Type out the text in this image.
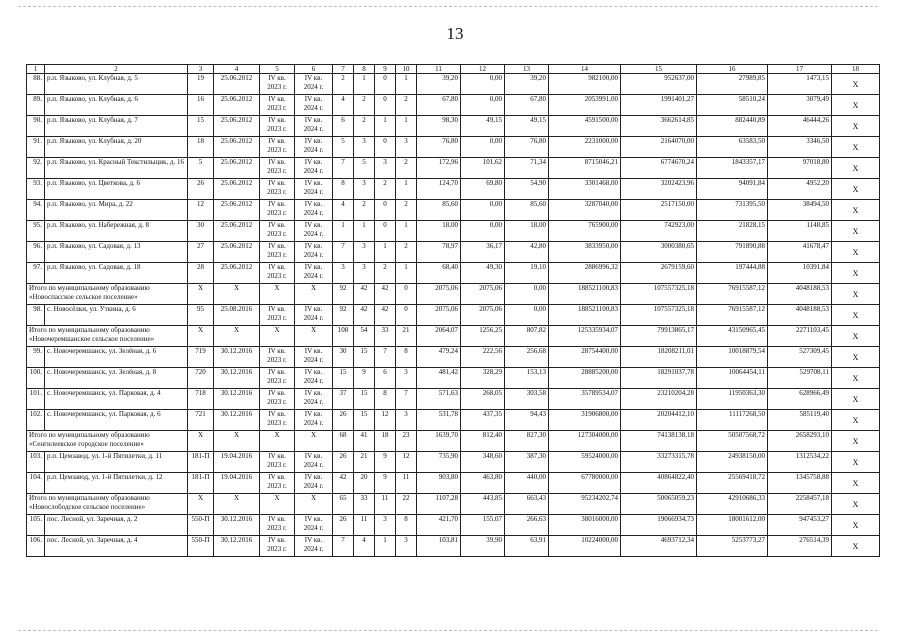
13
1	2	3	4	5	6	7	8	9	10	11	12	13	14	15	16	17	18
88.	р.п. Языково, ул. Клубная, д. 5	19	25.06.2012	IV кв. 2023 г.	IV кв. 2024 г.	2	1	0	1	39,20	0,00	39,20	982100,00	952637,00	27989,85	1473,15	X
89.	р.п. Языково, ул. Клубная, д. 6	16	25.06.2012	IV кв. 2023 г.	IV кв. 2024 г.	4	2	0	2	67,80	0,00	67,80	2053991,00	1991401,27	58510,24	3079,49	X
90.	р.п. Языково, ул. Клубная, д. 7	15	25.06.2012	IV кв. 2023 г.	IV кв. 2024 г.	6	2	1	1	98,30	49,15	49,15	4591500,00	3662614,85	882440,89	46444,26	X
91.	р.п. Языково, ул. Клубная, д. 20	18	25.06.2012	IV кв. 2023 г.	IV кв. 2024 г.	5	3	0	3	76,80	0,00	76,80	2231000,00	2164070,00	63583,50	3346,50	X
92.	р.п. Языково, ул. Красный Текстильщик, д. 16	5	25.06.2012	IV кв. 2023 г.	IV кв. 2024 г.	7	5	3	2	172,96	101,62	71,34	8715046,21	6774670,24	1843357,17	97018,80	X
93.	р.п. Языково, ул. Цветкова, д. 6	26	25.06.2012	IV кв. 2023 г.	IV кв. 2024 г.	8	3	2	1	124,70	69,80	54,90	3301468,00	3202423,96	94091,84	4952,20	X
94.	р.п. Языково, ул. Мира, д. 22	12	25.06.2012	IV кв. 2023 г.	IV кв. 2024 г.	4	2	0	2	85,60	0,00	85,60	3287040,00	2517150,00	731395,50	38494,50	X
95.	р.п. Языково, ул. Набережная, д. 8	30	25.06.2012	IV кв. 2023 г.	IV кв. 2024 г.	1	1	0	1	18,00	0,00	18,00	765900,00	742923,00	21828,15	1148,85	X
96.	р.п. Языково, ул. Садовая, д. 13	27	25.06.2012	IV кв. 2023 г.	IV кв. 2024 г.	7	3	1	2	78,97	36,17	42,80	3833950,00	3000380,65	791890,88	41678,47	X
97.	р.п. Языково, ул. Садовая, д. 18	28	25.06.2012	IV кв. 2023 г.	IV кв. 2024 г.	3	3	2	1	68,40	49,30	19,10	2886996,32	2679159,60	197444,88	10391,84	X
Итого по муниципальному образованию «Новоспасское сельское поселение»		X	X	X	X	92	42	42	0	2075,06	2075,06	0,00	188521100,83	107557325,18	76915587,12	4048188,53	X
98.	с. Новосёлки, ул. Уткина, д. 6	95	25.08.2016	IV кв. 2023 г.	IV кв. 2024 г.	92	42	42	0	2075,06	2075,06	0,00	188521100,83	107557325,18	76915587,12	4048188,53	X
Итого по муниципальному образованию «Новочеремшанское сельское поселение»		X	X	X	X	108	54	33	21	2064,07	1256,25	807,82	125335934,07	79913865,17	43150965,45	2271103,45	X
99.	с. Новочеремшанск, ул. Зелёная, д. 6	719	30.12.2016	IV кв. 2023 г.	IV кв. 2024 г.	30	15	7	8	479,24	222,56	256,68	28754400,00	18208211,01	10018879,54	527309,45	X
100.	с. Новочеремшанск, ул. Зелёная, д. 8	720	30.12.2016	IV кв. 2023 г.	IV кв. 2024 г.	15	9	6	3	481,42	328,29	153,13	28885200,00	18291037,78	10064454,11	529708,11	X
101.	с. Новочеремшанск, ул. Парковая, д. 4	718	30.12.2016	IV кв. 2023 г.	IV кв. 2024 г.	37	15	8	7	571,63	268,05	303,58	35789534,07	23210204,28	11950363,30	628966,49	X
102.	с. Новочеремшанск, ул. Парковая, д. 6	721	30.12.2016	IV кв. 2023 г.	IV кв. 2024 г.	26	15	12	3	531,78	437,35	94,43	31906800,00	20204412,10	11117268,50	585119,40	X
Итого по муниципальному образованию «Сенгилеевское городское поселение»		X	X	X	X	68	41	18	23	1639,70	812,40	827,30	127304000,00	74138138,18	50507568,72	2658293,10	X
103.	р.п. Цемзавод, ул. 1-й Пятилетки, д. 11	181-П	19.04.2016	IV кв. 2023 г.	IV кв. 2024 г.	26	21	9	12	735,90	348,60	387,30	59524000,00	33273315,78	24938150,00	1312534,22	X
104.	р.п. Цемзавод, ул. 1-й Пятилетки, д. 12	181-П	19.04.2016	IV кв. 2023 г.	IV кв. 2024 г.	42	20	9	11	903,80	463,80	440,00	67780000,00	40864822,40	25569418,72	1345758,88	X
Итого по муниципальному образованию «Новослободское сельское поселение»		X	X	X	X	65	33	11	22	1107,28	443,85	663,43	95234202,74	50065059,23	42910686,33	2258457,18	X
105.	пос. Лесной, ул. Заречная, д. 2	550-П	30.12.2016	IV кв. 2023 г.	IV кв. 2024 г.	26	11	3	8	421,70	155,07	266,63	38016000,00	19066934,73	18001612,00	947453,27	X
106.	пос. Лесной, ул. Заречная, д. 4	550-П	30.12.2016	IV кв. 2023 г.	IV кв. 2024 г.	7	4	1	3	103,81	39,90	63,91	10224000,00	4693712,34	5253773,27	276514,39	X
